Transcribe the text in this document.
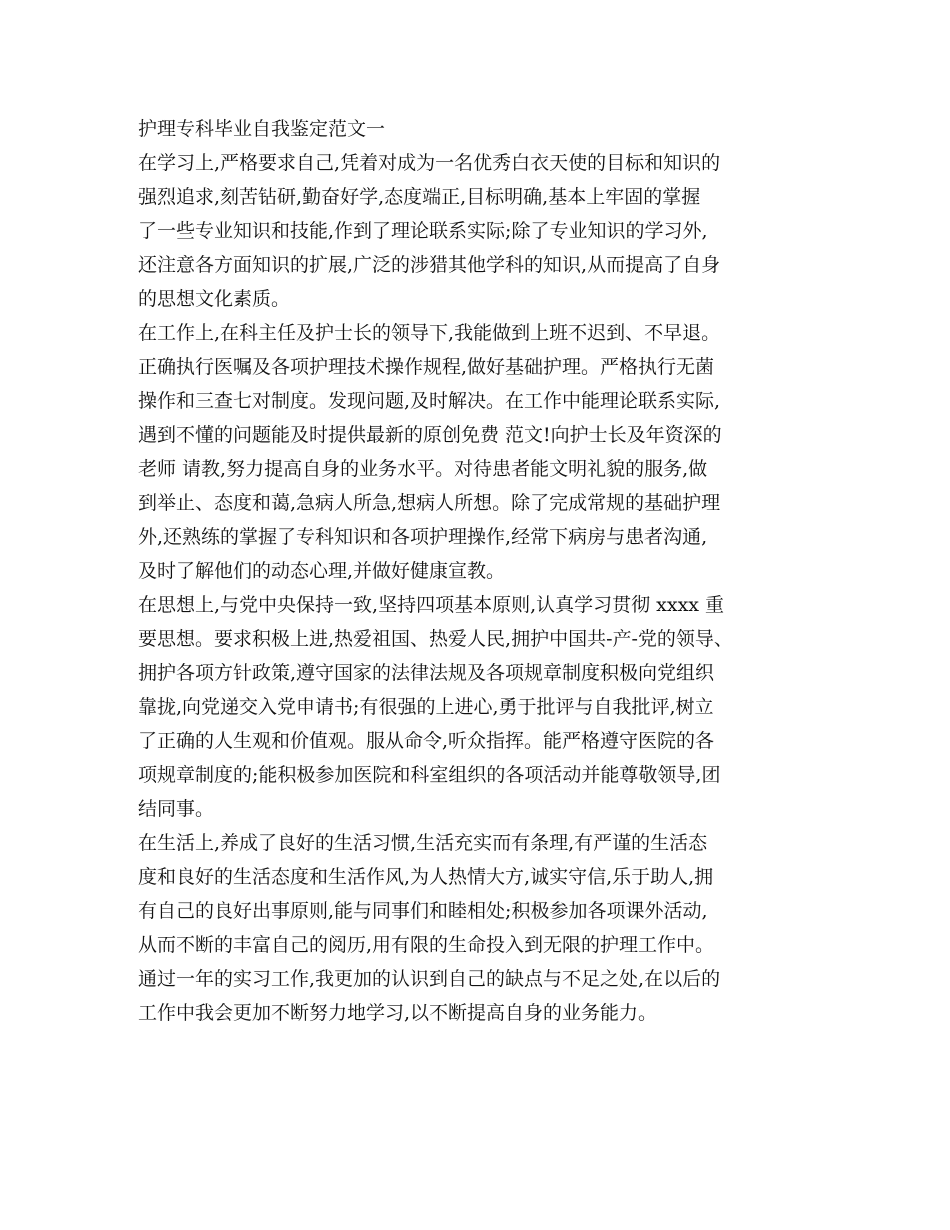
护理专科毕业自我鉴定范文一
在学习上,严格要求自己,凭着对成为一名优秀白衣天使的目标和知识的
强烈追求,刻苦钻研,勤奋好学,态度端正,目标明确,基本上牢固的掌握
了一些专业知识和技能,作到了理论联系实际;除了专业知识的学习外,
还注意各方面知识的扩展,广泛的涉猎其他学科的知识,从而提高了自身
的思想文化素质。
在工作上,在科主任及护士长的领导下,我能做到上班不迟到、不早退。
正确执行医嘱及各项护理技术操作规程,做好基础护理。严格执行无菌
操作和三查七对制度。发现问题,及时解决。在工作中能理论联系实际,
遇到不懂的问题能及时提供最新的原创免费 范文!向护士长及年资深的
老师 请教,努力提高自身的业务水平。对待患者能文明礼貌的服务,做
到举止、态度和蔼,急病人所急,想病人所想。除了完成常规的基础护理
外,还熟练的掌握了专科知识和各项护理操作,经常下病房与患者沟通,
及时了解他们的动态心理,并做好健康宣教。
在思想上,与党中央保持一致,坚持四项基本原则,认真学习贯彻 xxxx 重
要思想。要求积极上进,热爱祖国、热爱人民,拥护中国共-产-党的领导、
拥护各项方针政策,遵守国家的法律法规及各项规章制度积极向党组织
靠拢,向党递交入党申请书;有很强的上进心,勇于批评与自我批评,树立
了正确的人生观和价值观。服从命令,听众指挥。能严格遵守医院的各
项规章制度的;能积极参加医院和科室组织的各项活动并能尊敬领导,团
结同事。
在生活上,养成了良好的生活习惯,生活充实而有条理,有严谨的生活态
度和良好的生活态度和生活作风,为人热情大方,诚实守信,乐于助人,拥
有自己的良好出事原则,能与同事们和睦相处;积极参加各项课外活动,
从而不断的丰富自己的阅历,用有限的生命投入到无限的护理工作中。
通过一年的实习工作,我更加的认识到自己的缺点与不足之处,在以后的
工作中我会更加不断努力地学习,以不断提高自身的业务能力。
